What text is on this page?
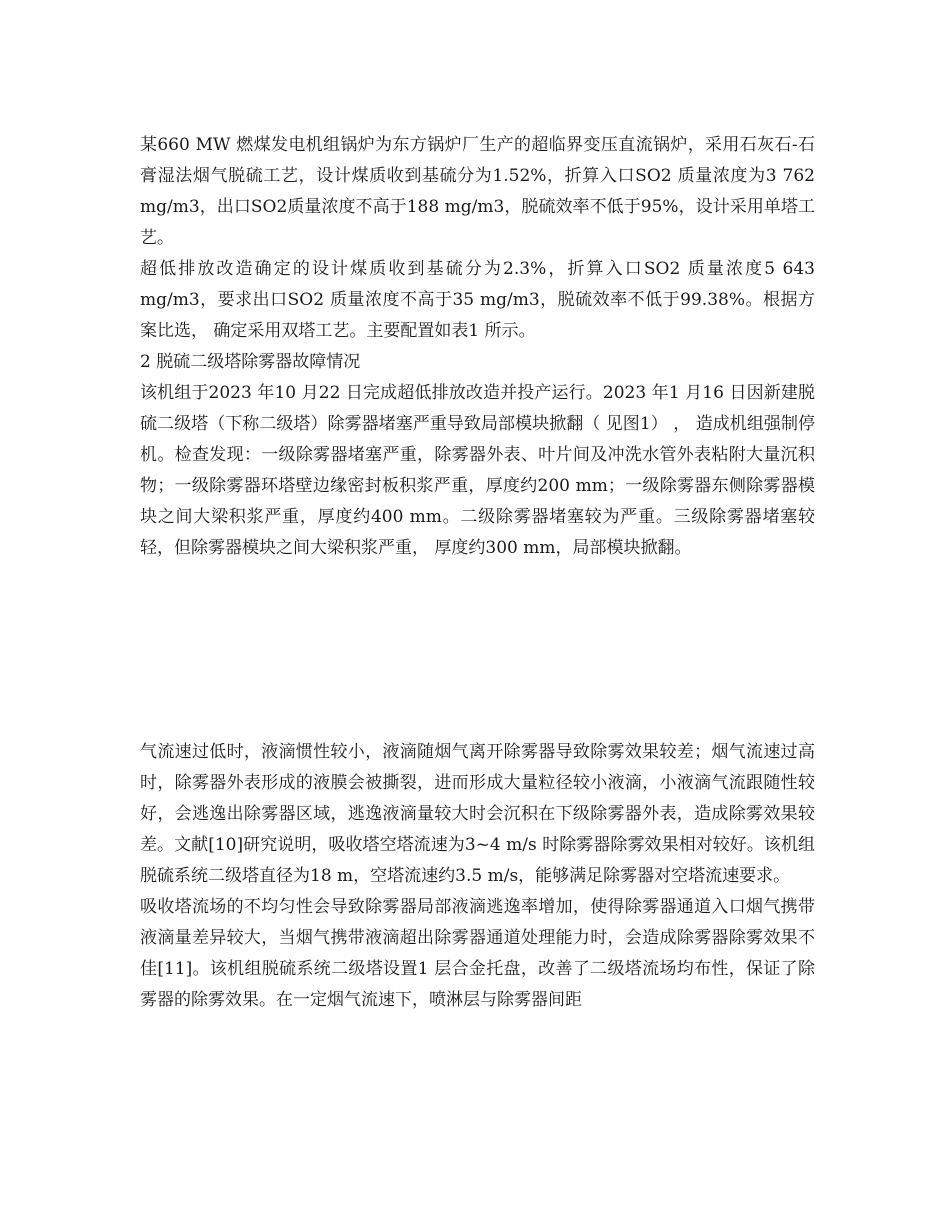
某660 MW 燃煤发电机组锅炉为东方锅炉厂生产的超临界变压直流锅炉，采用石灰石-石膏湿法烟气脱硫工艺，设计煤质收到基硫分为1.52%，折算入口SO2 质量浓度为3 762 mg/m3，出口SO2质量浓度不高于188 mg/m3，脱硫效率不低于95%，设计采用单塔工艺。

超低排放改造确定的设计煤质收到基硫分为2.3%，折算入口SO2 质量浓度5 643 mg/m3，要求出口SO2 质量浓度不高于35 mg/m3，脱硫效率不低于99.38%。根据方案比选， 确定采用双塔工艺。主要配置如表1 所示。

2 脱硫二级塔除雾器故障情况

该机组于2023 年10 月22 日完成超低排放改造并投产运行。2023 年1 月16 日因新建脱硫二级塔（下称二级塔）除雾器堵塞严重导致局部模块掀翻（ 见图1） ， 造成机组强制停机。检查发现：一级除雾器堵塞严重，除雾器外表、叶片间及冲洗水管外表粘附大量沉积物；一级除雾器环塔壁边缘密封板积浆严重，厚度约200 mm；一级除雾器东侧除雾器模块之间大梁积浆严重，厚度约400 mm。二级除雾器堵塞较为严重。三级除雾器堵塞较轻，但除雾器模块之间大梁积浆严重， 厚度约300 mm，局部模块掀翻。

气流速过低时，液滴惯性较小，液滴随烟气离开除雾器导致除雾效果较差；烟气流速过高时，除雾器外表形成的液膜会被撕裂，进而形成大量粒径较小液滴，小液滴气流跟随性较好，会逃逸出除雾器区域，逃逸液滴量较大时会沉积在下级除雾器外表，造成除雾效果较差。文献[10]研究说明，吸收塔空塔流速为3~4 m/s 时除雾器除雾效果相对较好。该机组脱硫系统二级塔直径为18 m，空塔流速约3.5 m/s，能够满足除雾器对空塔流速要求。

吸收塔流场的不均匀性会导致除雾器局部液滴逃逸率增加，使得除雾器通道入口烟气携带液滴量差异较大，当烟气携带液滴超出除雾器通道处理能力时，会造成除雾器除雾效果不佳[11]。该机组脱硫系统二级塔设置1 层合金托盘，改善了二级塔流场均布性，保证了除雾器的除雾效果。在一定烟气流速下，喷淋层与除雾器间距
